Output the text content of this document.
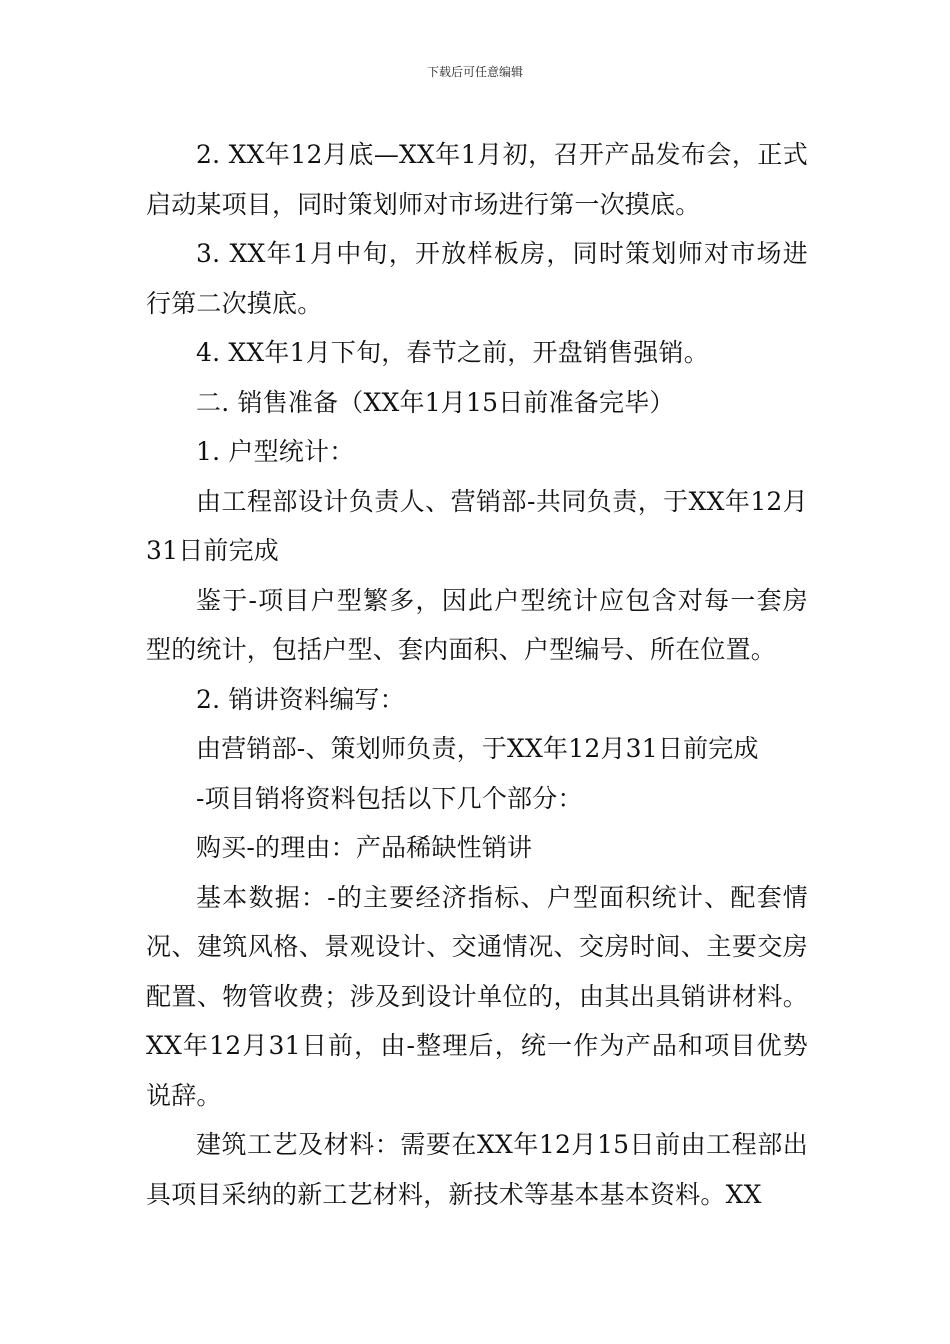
下载后可任意编辑

2. XX年12月底—XX年1月初，召开产品发布会，正式启动某项目，同时策划师对市场进行第一次摸底。

3. XX年1月中旬，开放样板房，同时策划师对市场进行第二次摸底。

4. XX年1月下旬，春节之前，开盘销售强销。

二. 销售准备（XX年1月15日前准备完毕）

1. 户型统计：

由工程部设计负责人、营销部-共同负责，于XX年12月31日前完成

鉴于-项目户型繁多，因此户型统计应包含对每一套房型的统计，包括户型、套内面积、户型编号、所在位置。

2. 销讲资料编写：

由营销部-、策划师负责，于XX年12月31日前完成

-项目销将资料包括以下几个部分：

购买-的理由：产品稀缺性销讲

基本数据：-的主要经济指标、户型面积统计、配套情况、建筑风格、景观设计、交通情况、交房时间、主要交房配置、物管收费；涉及到设计单位的，由其出具销讲材料。XX年12月31日前，由-整理后，统一作为产品和项目优势说辞。

建筑工艺及材料：需要在XX年12月15日前由工程部出具项目采纳的新工艺材料，新技术等基本基本资料。XX
